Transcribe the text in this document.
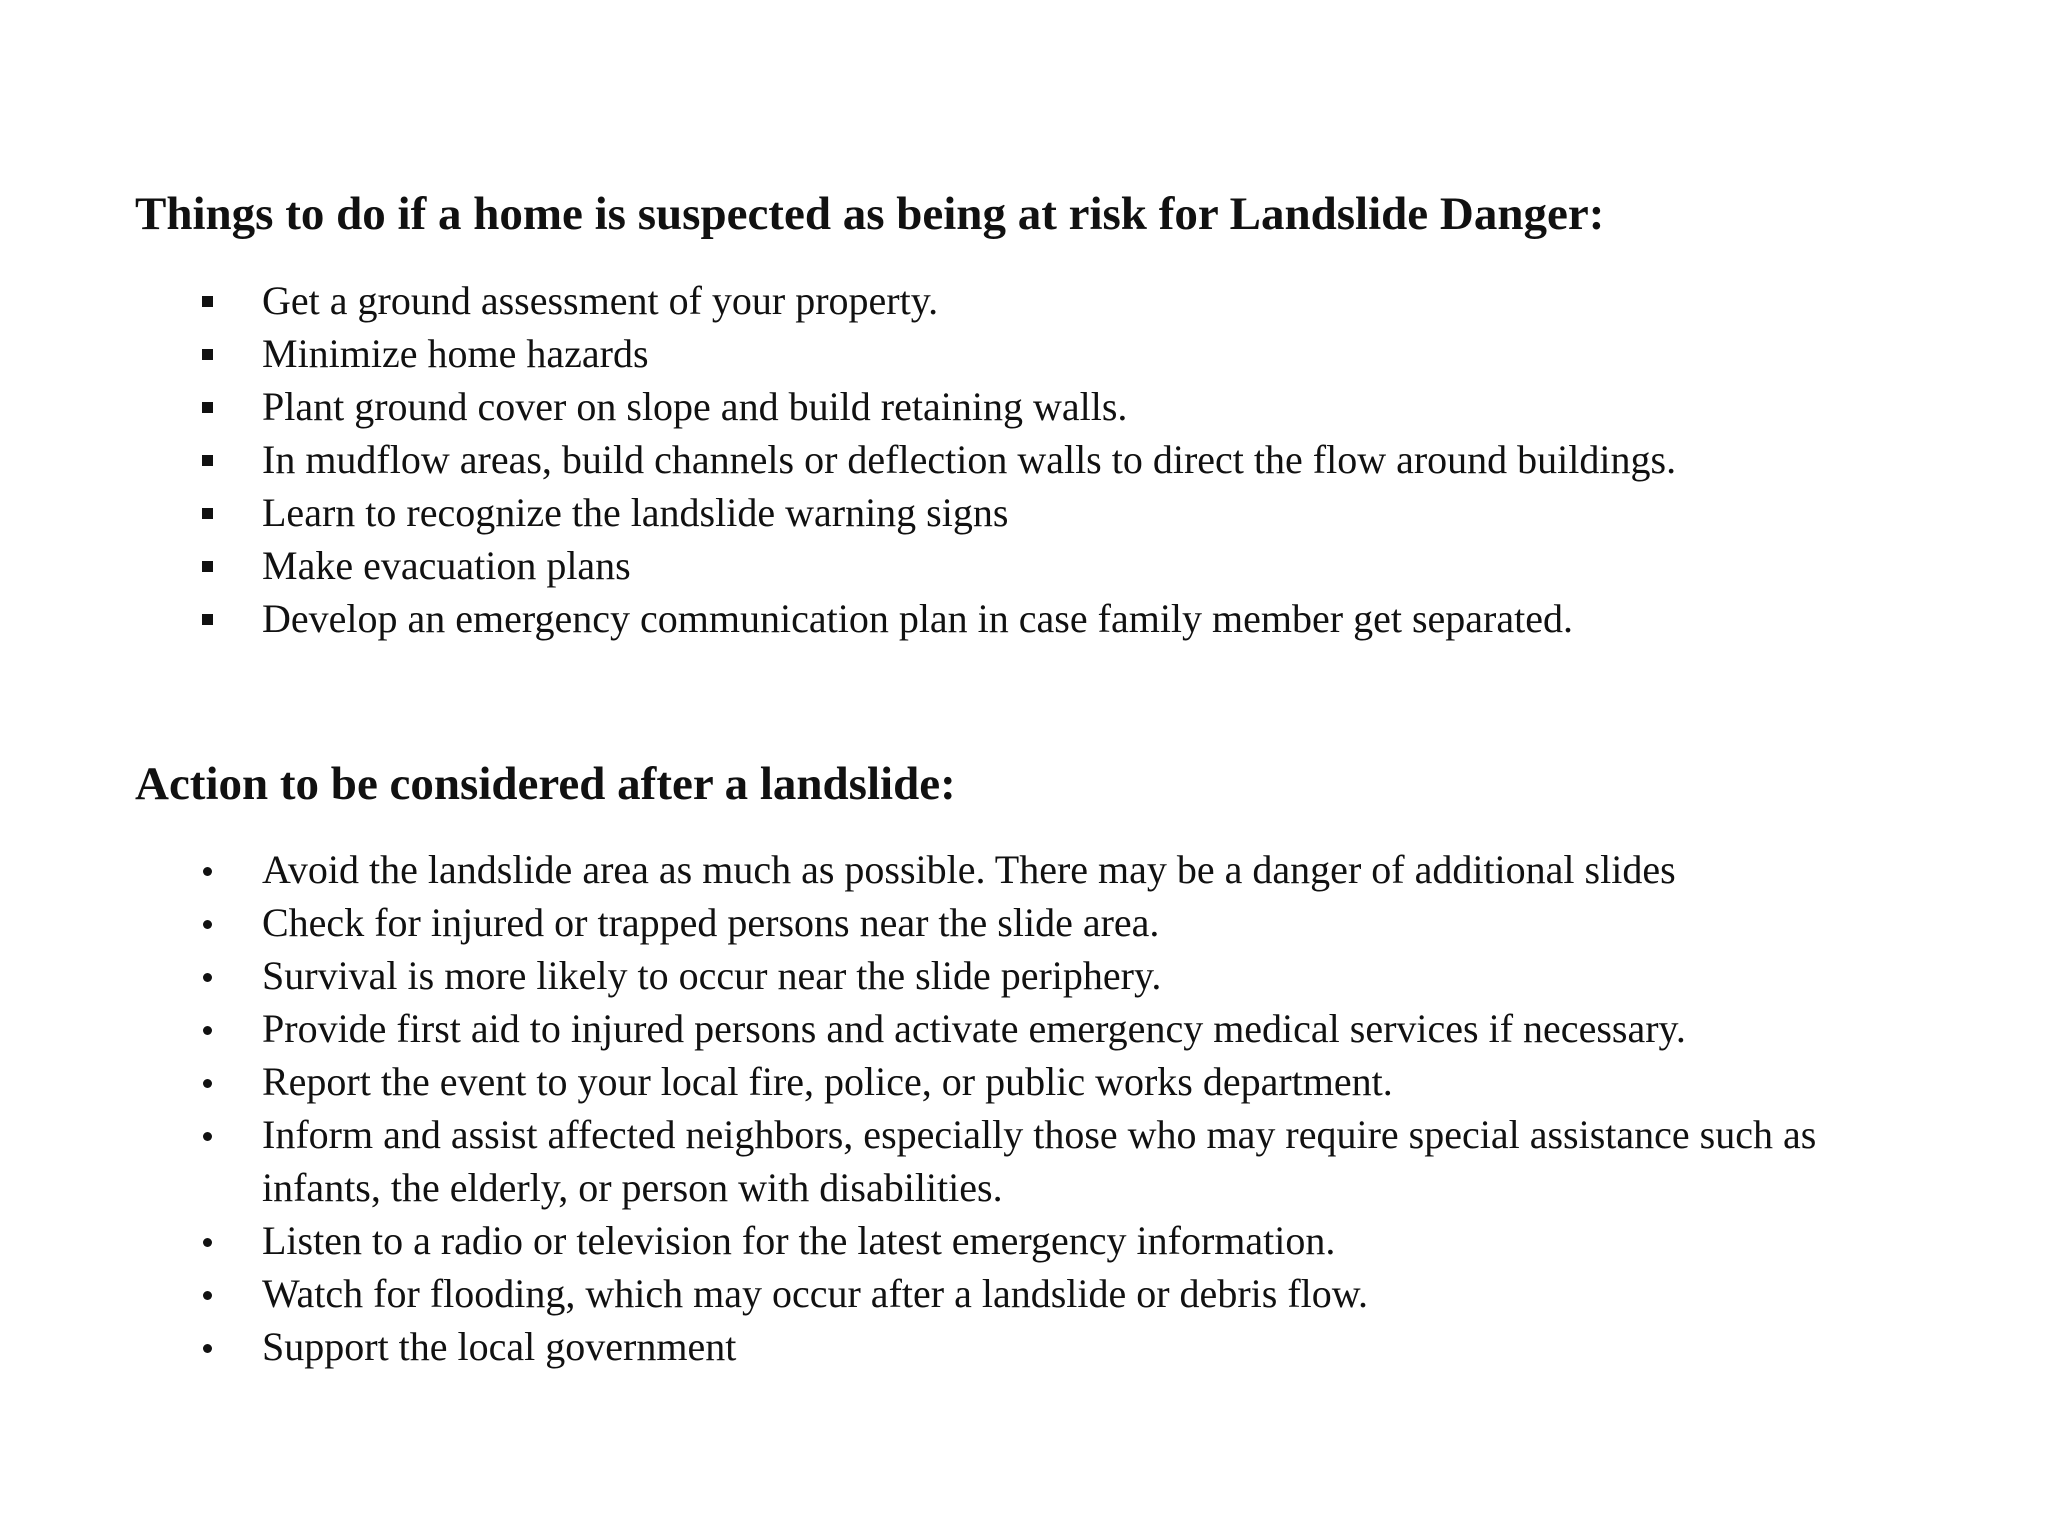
Things to do if a home is suspected as being at risk for Landslide Danger:
Get a ground assessment of your property.
Minimize home hazards
Plant ground cover on slope and build retaining walls.
In mudflow areas, build channels or deflection walls to direct the flow around buildings.
Learn to recognize the landslide warning signs
Make evacuation plans
Develop an emergency communication plan in case family member get separated.
Action to be considered after a landslide:
Avoid the landslide area as much as possible. There may be a danger of additional slides
Check for injured or trapped persons near the slide area.
Survival is more likely to occur near the slide periphery.
Provide first aid to injured persons and activate emergency medical services if necessary.
Report the event to your local fire, police, or public works department.
Inform and assist affected neighbors, especially those who may require special assistance such as infants, the elderly, or person with disabilities.
Listen to a radio or television for the latest emergency information.
Watch for flooding, which may occur after a landslide or debris flow.
Support the local government
